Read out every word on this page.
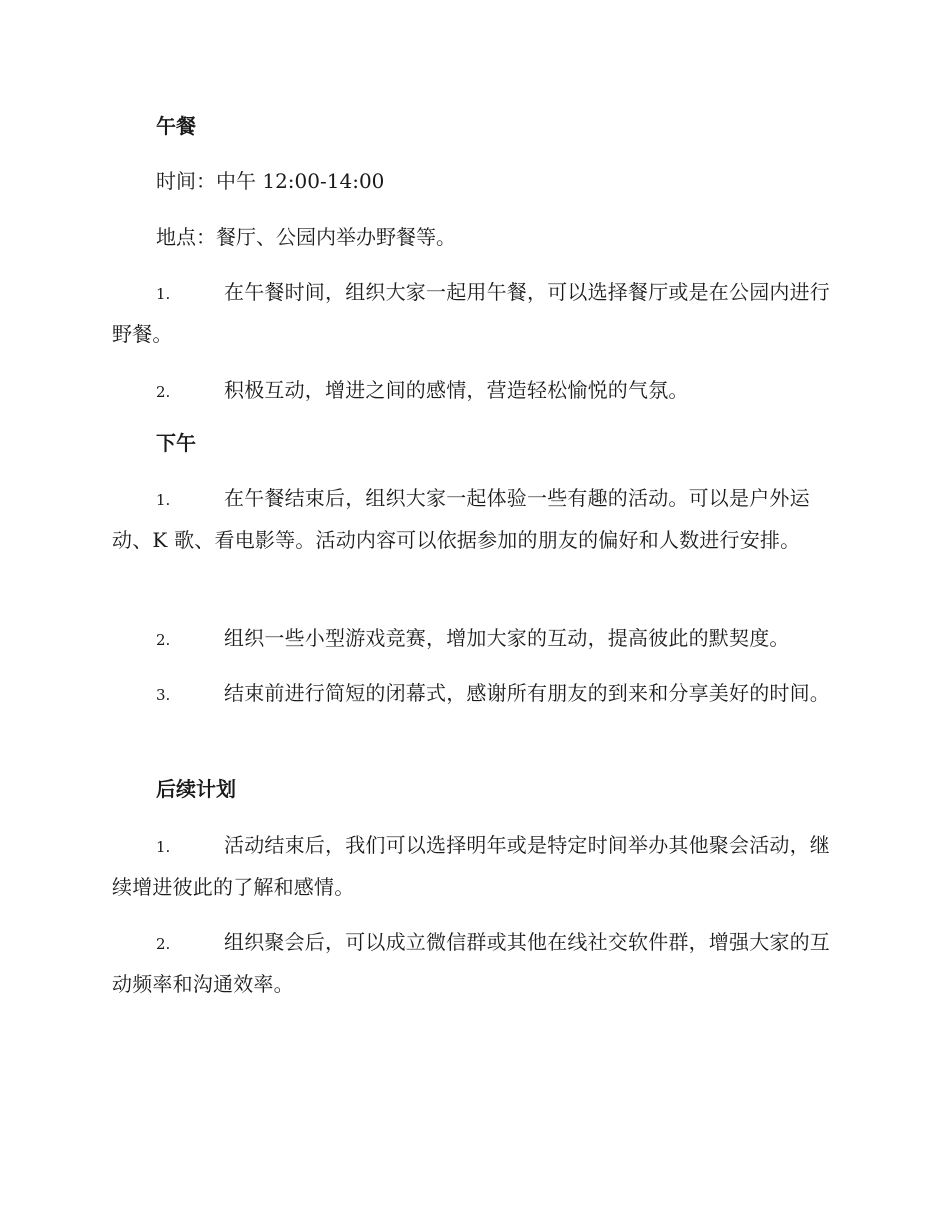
午餐

时间：中午 12:00-14:00

地点：餐厅、公园内举办野餐等。

1.	在午餐时间，组织大家一起用午餐，可以选择餐厅或是在公园内进行野餐。

2.	积极互动，增进之间的感情，营造轻松愉悦的气氛。

下午

1.	在午餐结束后，组织大家一起体验一些有趣的活动。可以是户外运动、K 歌、看电影等。活动内容可以依据参加的朋友的偏好和人数进行安排。

2.	组织一些小型游戏竞赛，增加大家的互动，提高彼此的默契度。

3.	结束前进行简短的闭幕式，感谢所有朋友的到来和分享美好的时间。

后续计划

1.	活动结束后，我们可以选择明年或是特定时间举办其他聚会活动，继续增进彼此的了解和感情。

2.	组织聚会后，可以成立微信群或其他在线社交软件群，增强大家的互动频率和沟通效率。
